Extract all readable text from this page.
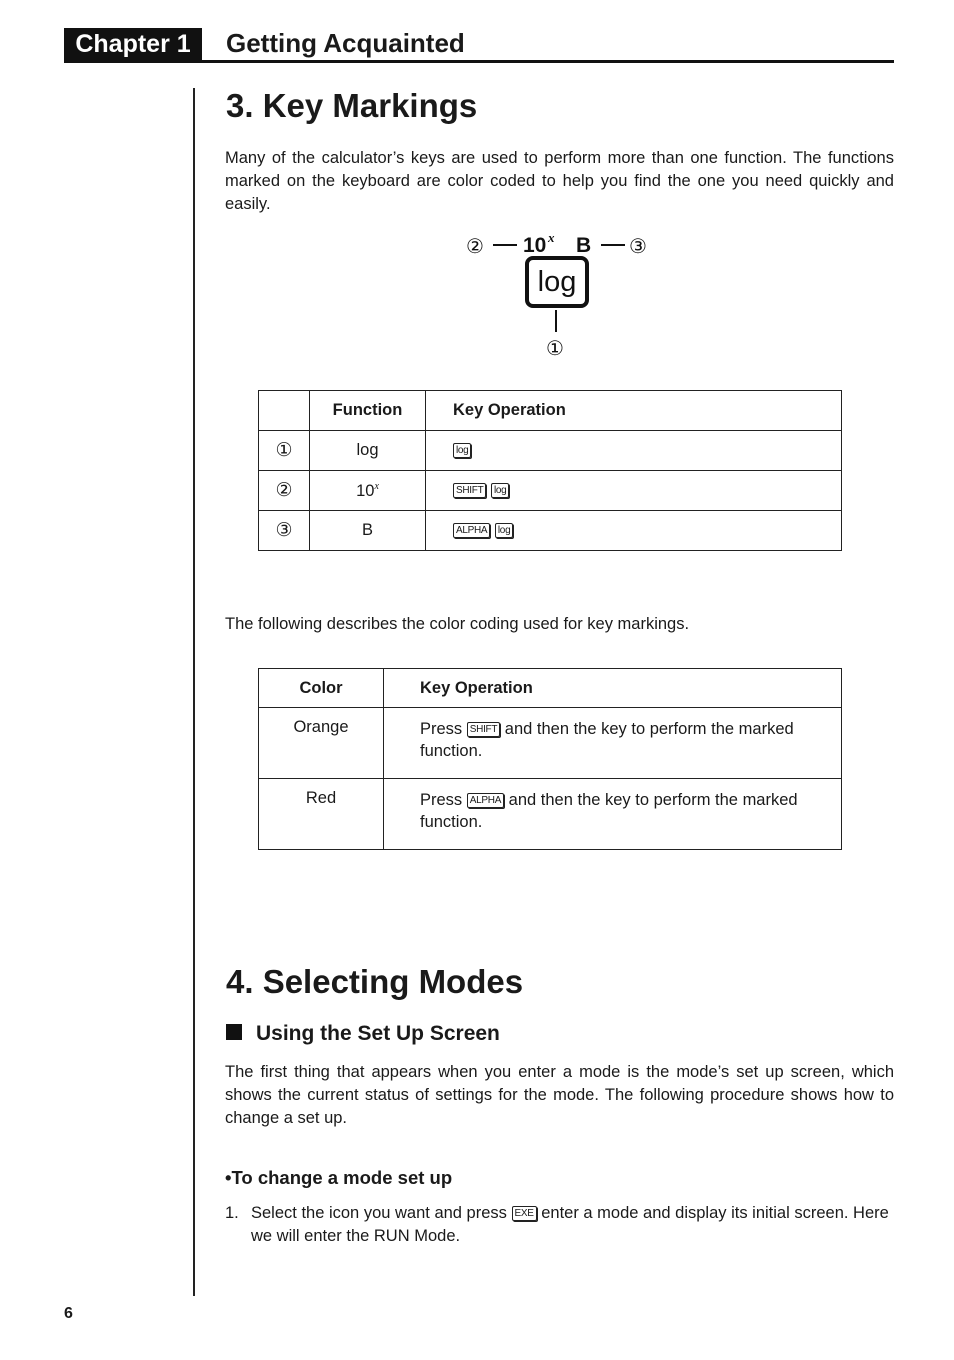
Chapter 1	Getting Acquainted
3. Key Markings

Many of the calculator’s keys are used to perform more than one function. The functions marked on the keyboard are color coded to help you find the one you need quickly and easily.

② 10 x B ③
log
①
	Function	Key Operation
①	log	log
②	10$^x$	SHIFT log
③	B	ALPHA log

The following describes the color coding used for key markings.

Color	Key Operation
Orange	Press SHIFT and then the key to perform the marked function.
Red	Press ALPHA and then the key to perform the marked function.
4. Selecting Modes
Using the Set Up Screen

The first thing that appears when you enter a mode is the mode’s set up screen, which shows the current status of settings for the mode. The following procedure shows how to change a set up.

•To change a mode set up
1. Select the icon you want and press EXE enter a mode and display its initial screen. Here we will enter the RUN Mode.
6
